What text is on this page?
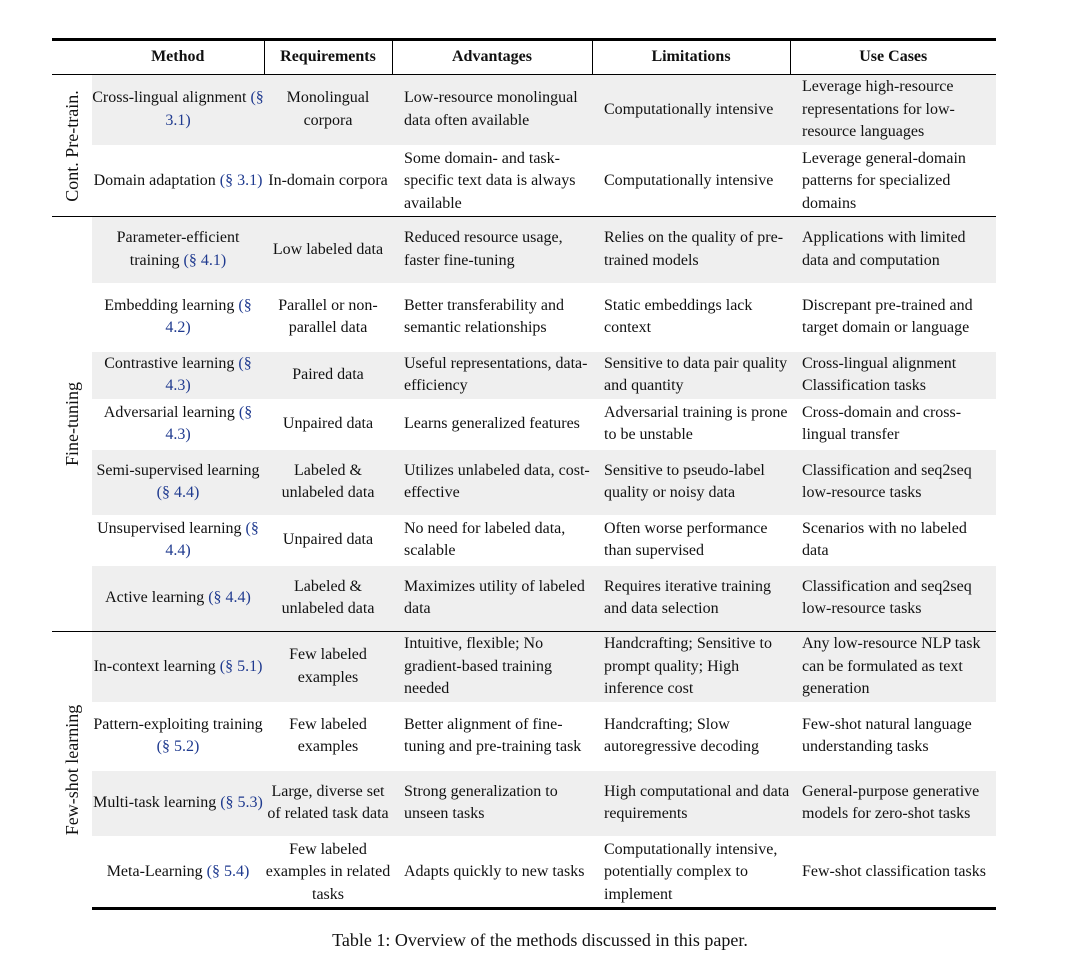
	Method	Requirements	Advantages	Limitations	Use Cases

Cont. Pre-train.	Cross-lingual alignment (§ 3.1)	Monolingual corpora	Low-resource monolingual data often available	Computationally intensive	Leverage high-resource representations for low-resource languages
	Domain adaptation (§ 3.1)	In-domain corpora	Some domain- and task-specific text data is always available	Computationally intensive	Leverage general-domain patterns for specialized domains

Fine-tuning	Parameter-efficient training (§ 4.1)	Low labeled data	Reduced resource usage, faster fine-tuning	Relies on the quality of pre-trained models	Applications with limited data and computation
	Embedding learning (§ 4.2)	Parallel or non-parallel data	Better transferability and semantic relationships	Static embeddings lack context	Discrepant pre-trained and target domain or language
	Contrastive learning (§ 4.3)	Paired data	Useful representations, data-efficiency	Sensitive to data pair quality and quantity	Cross-lingual alignment Classification tasks
	Adversarial learning (§ 4.3)	Unpaired data	Learns generalized features	Adversarial training is prone to be unstable	Cross-domain and cross-lingual transfer
	Semi-supervised learning (§ 4.4)	Labeled & unlabeled data	Utilizes unlabeled data, cost-effective	Sensitive to pseudo-label quality or noisy data	Classification and seq2seq low-resource tasks
	Unsupervised learning (§ 4.4)	Unpaired data	No need for labeled data, scalable	Often worse performance than supervised	Scenarios with no labeled data
	Active learning (§ 4.4)	Labeled & unlabeled data	Maximizes utility of labeled data	Requires iterative training and data selection	Classification and seq2seq low-resource tasks

Few-shot learning	In-context learning (§ 5.1)	Few labeled examples	Intuitive, flexible; No gradient-based training needed	Handcrafting; Sensitive to prompt quality; High inference cost	Any low-resource NLP task can be formulated as text generation
	Pattern-exploiting training (§ 5.2)	Few labeled examples	Better alignment of fine-tuning and pre-training task	Handcrafting; Slow autoregressive decoding	Few-shot natural language understanding tasks
	Multi-task learning (§ 5.3)	Large, diverse set of related task data	Strong generalization to unseen tasks	High computational and data requirements	General-purpose generative models for zero-shot tasks
	Meta-Learning (§ 5.4)	Few labeled examples in related tasks	Adapts quickly to new tasks	Computationally intensive, potentially complex to implement	Few-shot classification tasks
Table 1: Overview of the methods discussed in this paper.
